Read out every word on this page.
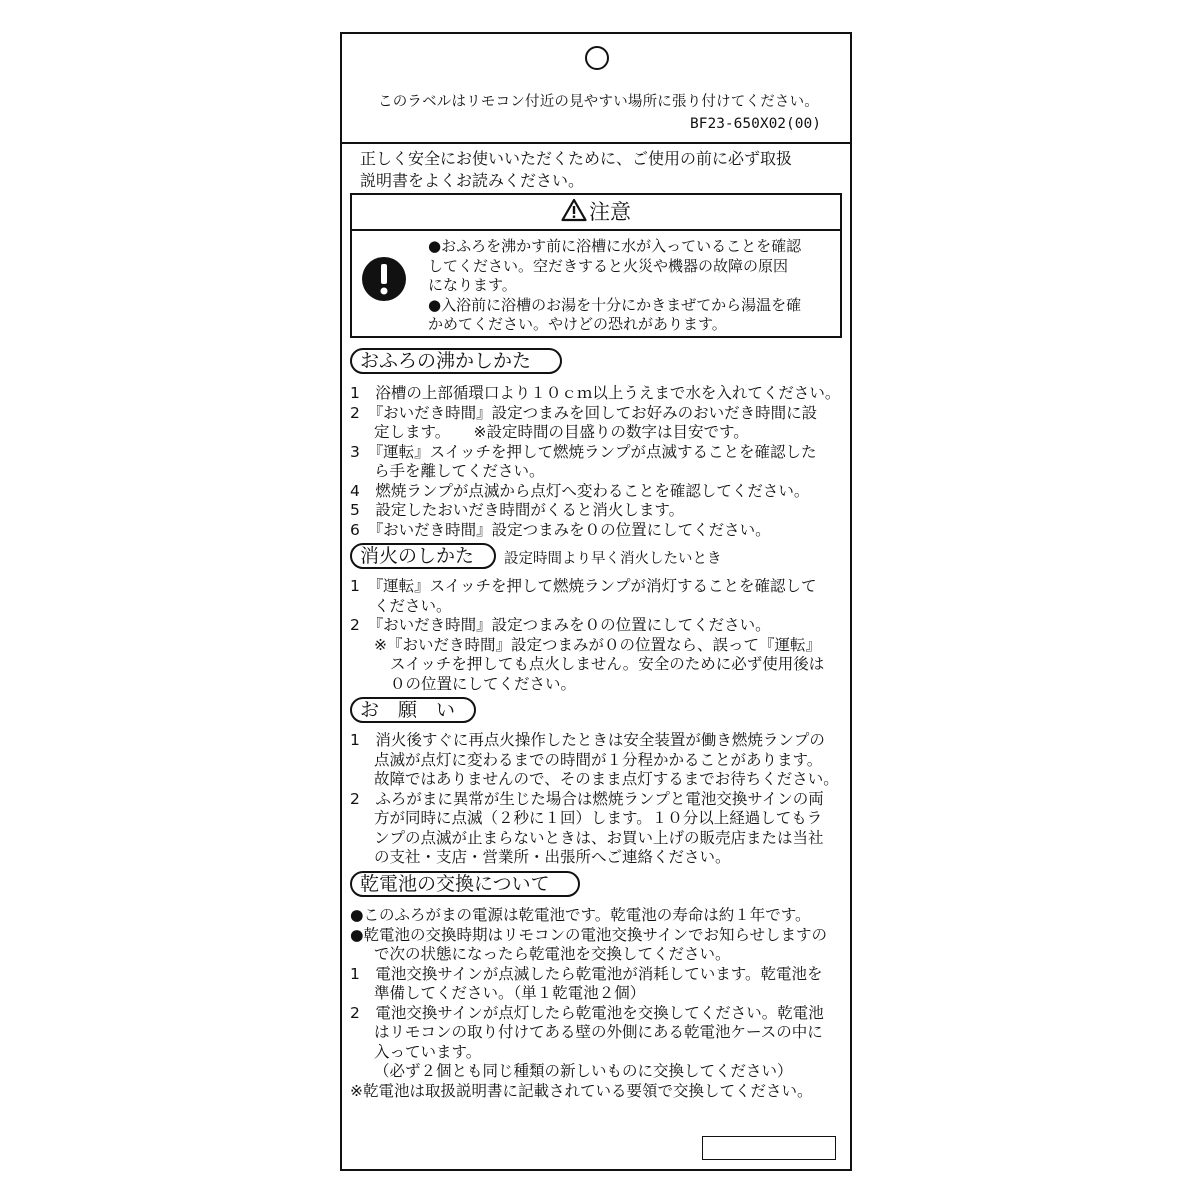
このラベルはリモコン付近の見やすい場所に張り付けてください。
BF23-650X02(00)
正しく安全にお使いいただくために、ご使用の前に必ず取扱
説明書をよくお読みください。
注意
●おふろを沸かす前に浴槽に水が入っていることを確認
してください。空だきすると火災や機器の故障の原因
になります。
●入浴前に浴槽のお湯を十分にかきまぜてから湯温を確
かめてください。やけどの恐れがあります。
おふろの沸かしかた
1　浴槽の上部循環口より１０ｃｍ以上うえまで水を入れてください。
2　『おいだき時間』設定つまみを回してお好みのおいだき時間に設
定します。　　※設定時間の目盛りの数字は目安です。
3　『運転』スイッチを押して燃焼ランプが点滅することを確認した
ら手を離してください。
4　燃焼ランプが点滅から点灯へ変わることを確認してください。
5　設定したおいだき時間がくると消火します。
6　『おいだき時間』設定つまみを０の位置にしてください。
消火のしかた	設定時間より早く消火したいとき
1　『運転』スイッチを押して燃焼ランプが消灯することを確認して
ください。
2　『おいだき時間』設定つまみを０の位置にしてください。
※『おいだき時間』設定つまみが０の位置なら、誤って『運転』
スイッチを押しても点火しません。安全のために必ず使用後は
０の位置にしてください。
お　願　い
1　消火後すぐに再点火操作したときは安全装置が働き燃焼ランプの
点滅が点灯に変わるまでの時間が１分程かかることがあります。
故障ではありませんので、そのまま点灯するまでお待ちください。
2　ふろがまに異常が生じた場合は燃焼ランプと電池交換サインの両
方が同時に点滅（２秒に１回）します。１０分以上経過してもラ
ンプの点滅が止まらないときは、お買い上げの販売店または当社
の支社・支店・営業所・出張所へご連絡ください。
乾電池の交換について
●このふろがまの電源は乾電池です。乾電池の寿命は約１年です。
●乾電池の交換時期はリモコンの電池交換サインでお知らせしますの
で次の状態になったら乾電池を交換してください。
1　電池交換サインが点滅したら乾電池が消耗しています。乾電池を
準備してください。（単１乾電池２個）
2　電池交換サインが点灯したら乾電池を交換してください。乾電池
はリモコンの取り付けてある壁の外側にある乾電池ケースの中に
入っています。
（必ず２個とも同じ種類の新しいものに交換してください）
※乾電池は取扱説明書に記載されている要領で交換してください。
